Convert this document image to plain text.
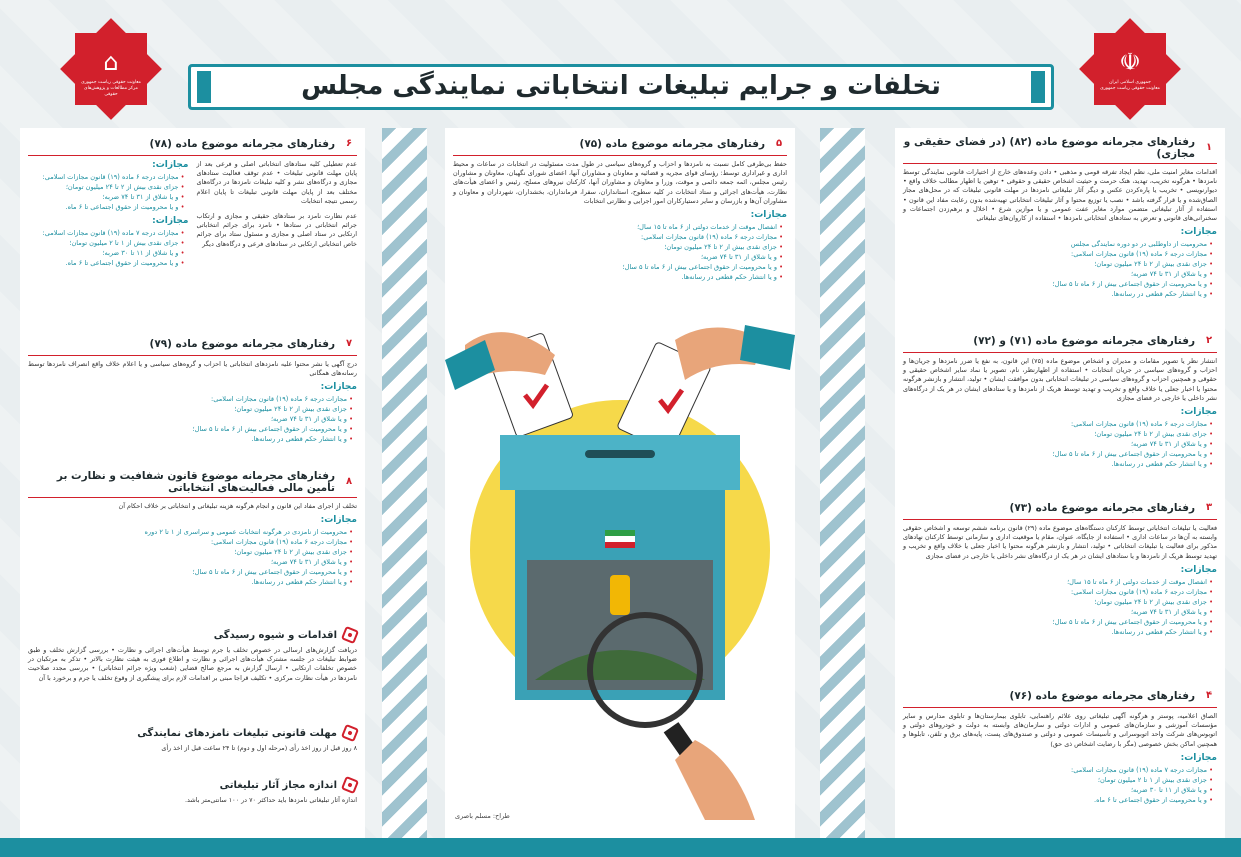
☫
جمهوری اسلامی ایران
معاونت حقوقی ریاست جمهوری
⌂
معاونت حقوقی ریاست جمهوری
مرکز مطالعات و پژوهش‌های حقوقی	تخلفات و جرایم تبلیغات انتخاباتی نمایندگی مجلس
۱
رفتارهای مجرمانه موضوع ماده (۸۲) (در فضای حقیقی و مجازی)
اقدامات مغایر امنیت ملی، نظم ایجاد تفرقه قومی و مذهبی • دادن وعده‌های خارج از اختیارات قانونی نمایندگی توسط نامزدها • هرگونه تخریب، تهدید، هتک حرمت و حیثیت اشخاص حقیقی و حقوقی • توهین یا اظهار مطالب خلاف واقع • دیوارنویسی • تخریب یا پاره‌کردن عکس و دیگر آثار تبلیغاتی نامزدها در مهلت قانونی تبلیغات که در محل‌های مجاز الصاق‌شده و یا قرار گرفته باشد • نصب یا توزیع محتوا و آثار تبلیغات انتخاباتی تهیه‌شده بدون رعایت مفاد این قانون • استفاده از آثار تبلیغاتی متضمن موارد مغایر عفت عمومی و یا موازین شرع • اخلال و برهم‌زدن اجتماعات و سخنرانی‌های قانونی و تعرض به ستادهای انتخاباتی نامزدها • استفاده از کاروان‌های تبلیغاتی
مجازات:
• محرومیت از داوطلبی در دو دوره نمایندگی مجلس
• مجازات درجه ۶ ماده (۱۹) قانون مجازات اسلامی:
• جزای نقدی بیش از ۲ تا ۲۴ میلیون تومان؛
• و یا شلاق از ۳۱ تا ۷۴ ضربه؛
• و یا محرومیت از حقوق اجتماعی بیش از ۶ ماه تا ۵ سال؛
• و یا انتشار حکم قطعی در رسانه‌ها.
۲
رفتارهای مجرمانه موضوع ماده (۷۱) و (۷۲)
انتشار نظر یا تصویر مقامات و مدیران و اشخاص موضوع ماده (۷۵) این قانون، به نفع یا ضرر نامزدها و جریان‌ها و احزاب و گروه‌های سیاسی در جریان انتخابات • استفاده از اظهارنظر، نام، تصویر یا نماد سایر اشخاص حقیقی و حقوقی و همچنین احزاب و گروه‌های سیاسی در تبلیغات انتخاباتی بدون موافقت ایشان • تولید، انتشار و بازنشر هرگونه محتوا یا اخبار جعلی یا خلاف واقع و تخریب و تهدید توسط هریک از نامزدها و یا ستادهای ایشان در هر یک از درگاه‌های نشر داخلی یا خارجی در فضای مجازی
مجازات:
• مجازات درجه ۶ ماده (۱۹) قانون مجازات اسلامی:
• جزای نقدی بیش از ۲ تا ۲۴ میلیون تومان؛
• و یا شلاق از ۳۱ تا ۷۴ ضربه؛
• و یا محرومیت از حقوق اجتماعی بیش از ۶ ماه تا ۵ سال؛
• و یا انتشار حکم قطعی در رسانه‌ها.
۳
رفتارهای مجرمانه موضوع ماده (۷۳)
فعالیت یا تبلیغات انتخاباتی توسط کارکنان دستگاه‌های موضوع ماده (۲۹) قانون برنامه ششم توسعه و اشخاص حقوقی وابسته به آن‌ها در ساعات اداری • استفاده از جایگاه، عنوان، مقام یا موقعیت اداری و سازمانی توسط کارکنان نهادهای مذکور برای فعالیت یا تبلیغات انتخاباتی • تولید، انتشار و بازنشر هرگونه محتوا یا اخبار جعلی یا خلاف واقع و تخریب و تهدید توسط هریک از نامزدها و یا ستادهای ایشان در هر یک از درگاه‌های نشر داخلی یا خارجی در فضای مجازی
مجازات:
• انفصال موقت از خدمات دولتی از ۶ ماه تا ۱۵ سال؛
• مجازات درجه ۶ ماده (۱۹) قانون مجازات اسلامی:
• جزای نقدی بیش از ۲ تا ۲۴ میلیون تومان؛
• و یا شلاق از ۳۱ تا ۷۴ ضربه؛
• و یا محرومیت از حقوق اجتماعی بیش از ۶ ماه تا ۵ سال؛
• و یا انتشار حکم قطعی در رسانه‌ها.
۴
رفتارهای مجرمانه موضوع ماده (۷۶)
الصاق اعلامیه، پوستر و هرگونه آگهی تبلیغاتی روی علائم راهنمایی، تابلوی بیمارستان‌ها و تابلوی مدارس و سایر مؤسسات آموزشی و سازمان‌های عمومی و ادارات دولتی و سازمان‌های وابسته به دولت و خودروهای دولتی و اتوبوس‌های شرکت واحد اتوبوسرانی و تأسیسات عمومی و دولتی و صندوق‌های پست، پایه‌های برق و تلفن، تابلوها و همچنین اماکن بخش خصوصی (مگر با رضایت اشخاص ذی حق)
مجازات:
• مجازات درجه ۷ ماده (۱۹) قانون مجازات اسلامی:
• جزای نقدی بیش از ۱ تا ۲ میلیون تومان؛
• و یا شلاق از ۱۱ تا ۳۰ ضربه؛
• و یا محرومیت از حقوق اجتماعی تا ۶ ماه.
۵
رفتارهای مجرمانه موضوع ماده (۷۵)
حفظ بی‌طرفی کامل نسبت به نامزدها و احزاب و گروه‌های سیاسی در طول مدت مسئولیت در انتخابات در ساعات و محیط اداری و غیراداری توسط: رؤسای قوای مجریه و قضائیه و معاونان و مشاوران آنها، اعضای شورای نگهبان، معاونان و مشاوران رئیس مجلس، ائمه جمعه دائمی و موقت، وزرا و معاونان و مشاوران آنها، کارکنان نیروهای مسلح، رئیس و اعضای هیأت‌های نظارت، هیأت‌های اجرائی و ستاد انتخابات در کلیه سطوح، استانداران، سفرا، فرمانداران، بخشداران، شهرداران و معاونان و مشاوران آن‌ها و بازرسان و سایر دستیارکاران امور اجرایی و نظارتی انتخابات
مجازات:
• انفصال موقت از خدمات دولتی از ۶ ماه تا ۱۵ سال؛
• مجازات درجه ۶ ماده (۱۹) قانون مجازات اسلامی:
• جزای نقدی بیش از ۲ تا ۲۴ میلیون تومان؛
• و یا شلاق از ۳۱ تا ۷۴ ضربه؛
• و یا محرومیت از حقوق اجتماعی بیش از ۶ ماه تا ۵ سال؛
• و یا انتشار حکم قطعی در رسانه‌ها.
طراح: مسلم باصری
۶
رفتارهای مجرمانه موضوع ماده (۷۸)
عدم تعطیلی کلیه ستادهای انتخاباتی اصلی و فرعی بعد از پایان مهلت قانونی تبلیغات • عدم توقف فعالیت ستادهای مجازی و درگاه‌های نشر و کلیه تبلیغات نامزدها در درگاه‌های مختلف بعد از پایان مهلت قانونی تبلیغات تا پایان اعلام رسمی نتیجه انتخابات
عدم نظارت نامزد بر ستادهای حقیقی و مجازی و ارتکاب جرائم انتخاباتی در ستادها • نامزد برای جرائم انتخاباتی ارتکابی در ستاد اصلی و مجازی و مسئول ستاد برای جرائم خاص انتخاباتی ارتکابی در ستادهای فرعی و درگاه‌های دیگر
مجازات:
• مجازات درجه ۶ ماده (۱۹) قانون مجازات اسلامی:
• جزای نقدی بیش از ۲ تا ۲۴ میلیون تومان؛
• و یا شلاق از ۳۱ تا ۷۴ ضربه؛
• و یا محرومیت از حقوق اجتماعی تا ۶ ماه.
مجازات:
• مجازات درجه ۷ ماده (۱۹) قانون مجازات اسلامی:
• جزای نقدی بیش از ۱ تا ۲ میلیون تومان؛
• و یا شلاق از ۱۱ تا ۳۰ ضربه؛
• و یا محرومیت از حقوق اجتماعی تا ۶ ماه.
۷
رفتارهای مجرمانه موضوع ماده (۷۹)
درج آگهی یا نشر محتوا علیه نامزدهای انتخاباتی یا احزاب و گروه‌های سیاسی و یا اعلام خلاف واقع انصراف نامزدها توسط رسانه‌های همگانی
مجازات:
• مجازات درجه ۶ ماده (۱۹) قانون مجازات اسلامی:
• جزای نقدی بیش از ۲ تا ۲۴ میلیون تومان؛
• و یا شلاق از ۳۱ تا ۷۴ ضربه؛
• و یا محرومیت از حقوق اجتماعی بیش از ۶ ماه تا ۵ سال؛
• و یا انتشار حکم قطعی در رسانه‌ها.
۸
رفتارهای مجرمانه موضوع قانون شفافیت و نظارت بر تأمین مالی فعالیت‌های انتخاباتی
تخلف از اجرای مفاد این قانون و انجام هرگونه هزینه تبلیغاتی و انتخاباتی بر خلاف احکام آن
مجازات:
• محرومیت از نامزدی در هرگونه انتخابات عمومی و سراسری از ۱ تا ۲ دوره
• مجازات درجه ۶ ماده (۱۹) قانون مجازات اسلامی:
• جزای نقدی بیش از ۲ تا ۲۴ میلیون تومان؛
• و یا شلاق از ۳۱ تا ۷۴ ضربه؛
• و یا محرومیت از حقوق اجتماعی بیش از ۶ ماه تا ۵ سال؛
• و یا انتشار حکم قطعی در رسانه‌ها.
اقدامات و شیوه رسیدگی
دریافت گزارش‌های ارسالی در خصوص تخلف یا جرم توسط هیأت‌های اجرائی و نظارت • بررسی گزارش تخلف و طبق ضوابط تبلیغات در جلسه مشترک هیأت‌های اجرائی و نظارت و اطلاع فوری به هیئت نظارت بالاتر • تذکر به مرتکبان در خصوص تخلفات ارتکابی • ارسال گزارش به مرجع صالح قضایی (شعب ویژه جرائم انتخاباتی) • بررسی مجدد صلاحیت نامزدها در هیأت نظارت مرکزی • تکلیف قراجا مبنی بر اقدامات لازم برای پیشگیری از وقوع تخلف یا جرم و برخورد با آن
مهلت قانونی تبلیغات نامزدهای نمایندگی
۸ روز قبل از روز اخذ رأی (مرحله اول و دوم) تا ۲۴ ساعت قبل از اخذ رأی
اندازه مجاز آثار تبلیغاتی
اندازه آثار تبلیغاتی نامزدها باید حداکثر ۷۰ در ۱۰۰ سانتی‌متر باشد.
